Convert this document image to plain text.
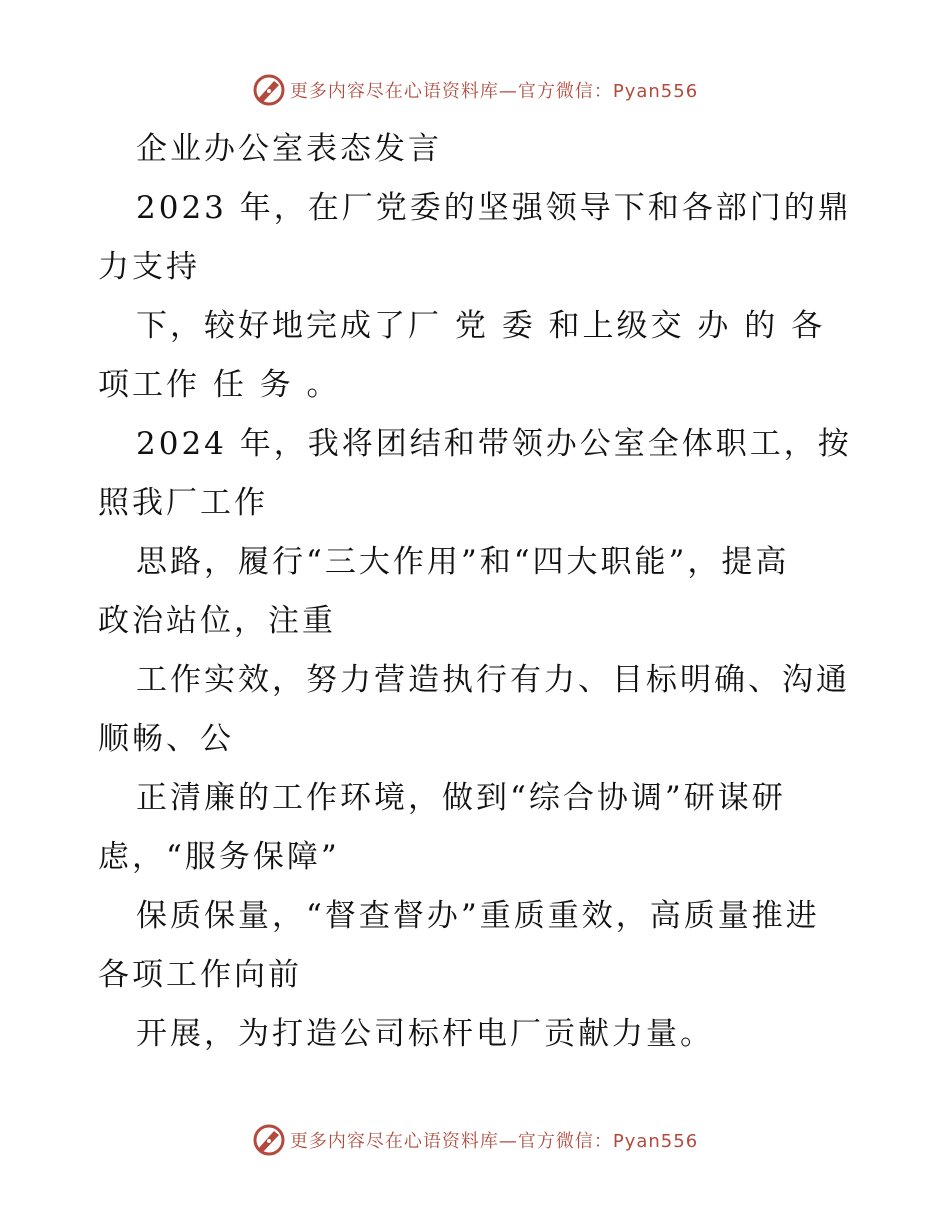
更多内容尽在心语资料库—官方微信：Pyan556
企业办公室表态发言
2023 年，在厂党委的坚强领导下和各部门的鼎
力支持
下，较好地完成了厂 党 委 和上级交 办 的 各
项工作 任 务 。
2024 年，我将团结和带领办公室全体职工，按
照我厂工作
思路，履行“三大作用”和“四大职能”，提高
政治站位，注重
工作实效，努力营造执行有力、目标明确、沟通
顺畅、公
正清廉的工作环境，做到“综合协调”研谋研
虑，“服务保障”
保质保量，“督查督办”重质重效，高质量推进
各项工作向前
开展，为打造公司标杆电厂贡献力量。
更多内容尽在心语资料库—官方微信：Pyan556
